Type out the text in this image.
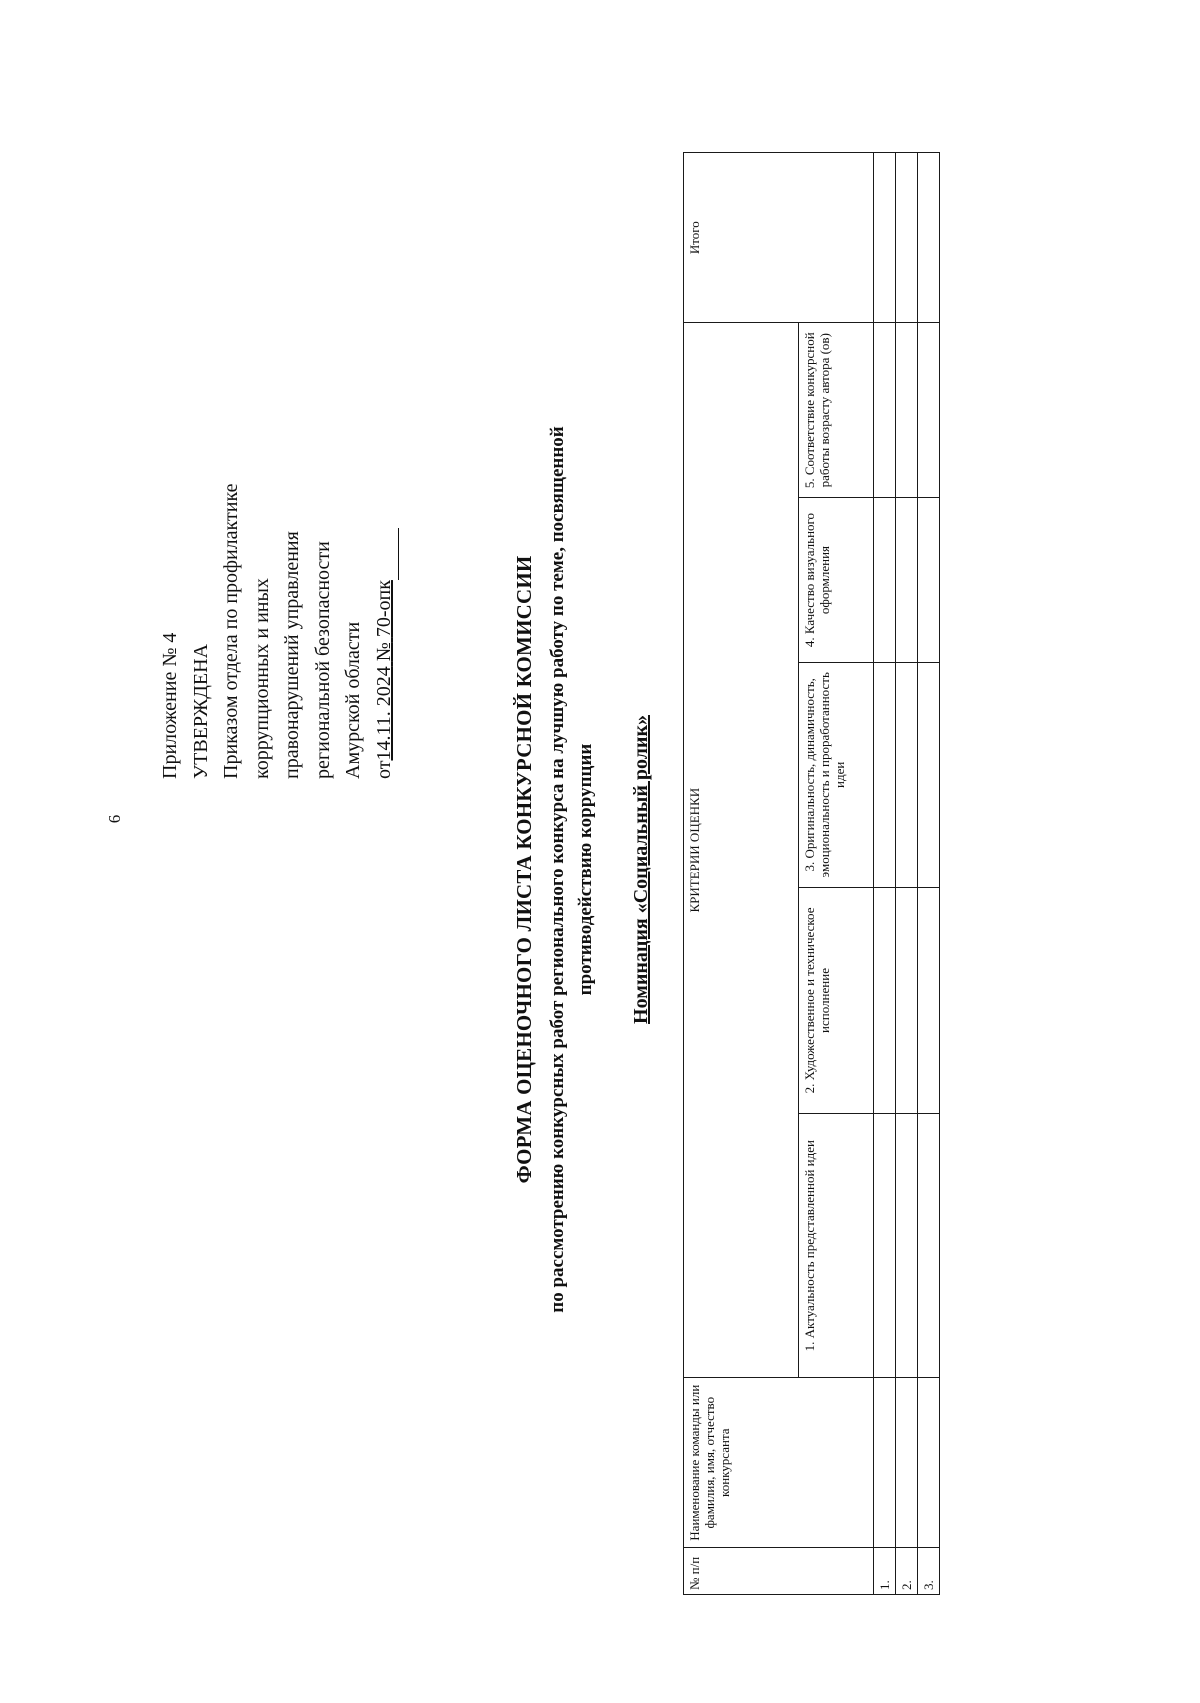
6
Приложение № 4 УТВЕРЖДЕНА Приказом отдела по профилактике коррупционных и иных правонарушений управления региональной безопасности Амурской области от14.11. 2024 № 70-опк	ФОРМА ОЦЕНОЧНОГО ЛИСТА КОНКУРСНОЙ КОМИССИИ по рассмотрению конкурсных работ регионального конкурса на лучшую работу по теме, посвященной противодействию коррупции Номинация «Социальный ролик»
№ п/п	Наименование команды или фамилия, имя, отчество конкурсанта	КРИТЕРИИ ОЦЕНКИ					Итого
		1. Актуальность представленной идеи	2. Художественное и техническое исполнение	3. Оригинальность, динамичность, эмоциональность и проработанность идеи	4. Качество визуального оформления	5. Соответствие конкурсной работы возрасту автора (ов)	
1.							
2.							
3.							
